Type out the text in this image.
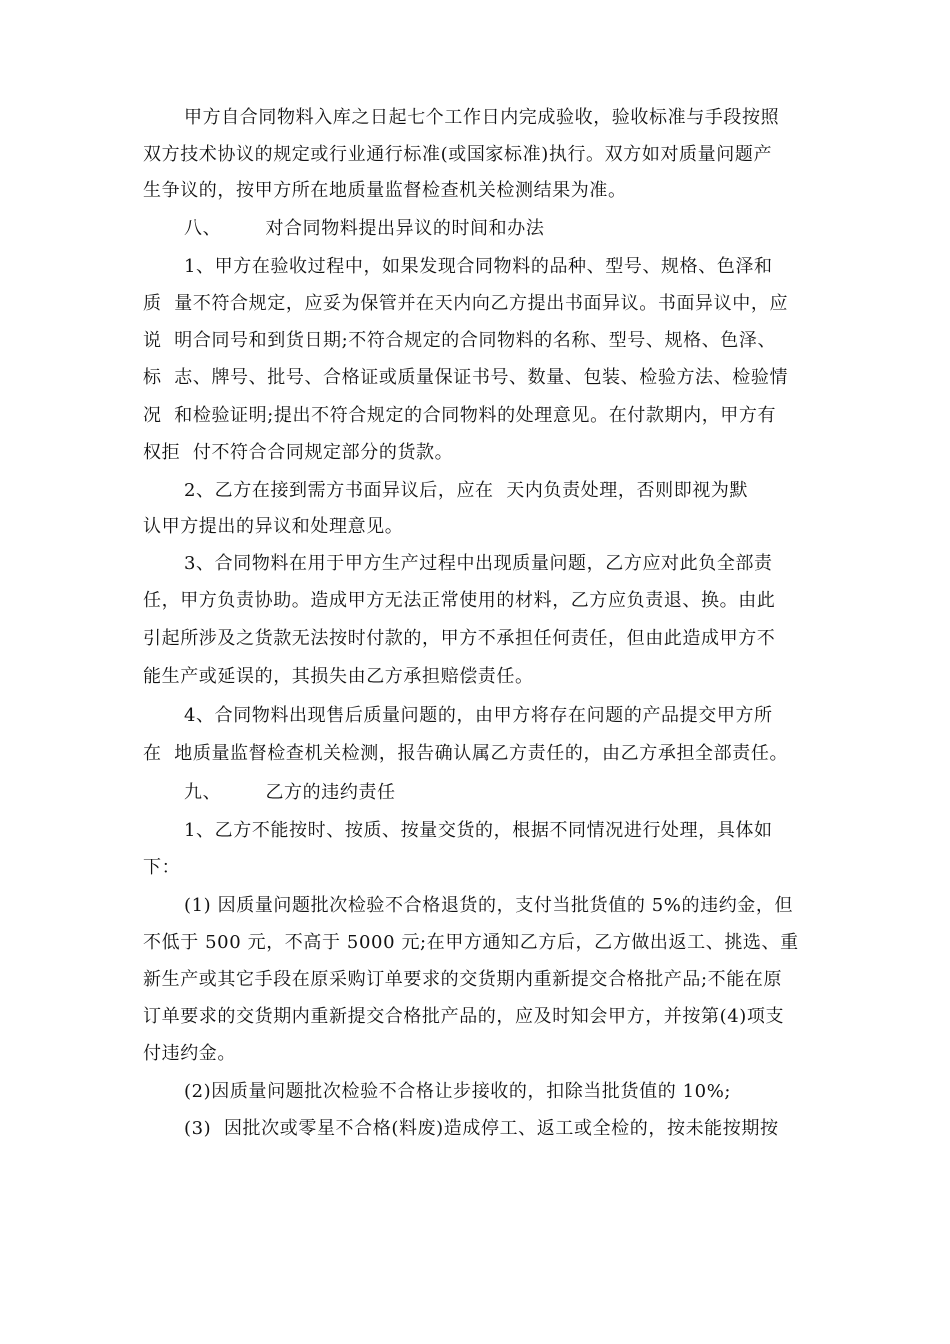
甲方自合同物料入库之日起七个工作日内完成验收，验收标准与手段按照
双方技术协议的规定或行业通行标准(或国家标准)执行。双方如对质量问题产
生争议的，按甲方所在地质量监督检查机关检测结果为准。
八、       对合同物料提出异议的时间和办法
1、甲方在验收过程中，如果发现合同物料的品种、型号、规格、色泽和
质  量不符合规定，应妥为保管并在天内向乙方提出书面异议。书面异议中，应
说  明合同号和到货日期;不符合规定的合同物料的名称、型号、规格、色泽、
标  志、牌号、批号、合格证或质量保证书号、数量、包装、检验方法、检验情
况  和检验证明;提出不符合规定的合同物料的处理意见。在付款期内，甲方有
权拒  付不符合合同规定部分的货款。
2、乙方在接到需方书面异议后，应在  天内负责处理，否则即视为默
认甲方提出的异议和处理意见。
3、合同物料在用于甲方生产过程中出现质量问题，乙方应对此负全部责
任，甲方负责协助。造成甲方无法正常使用的材料，乙方应负责退、换。由此
引起所涉及之货款无法按时付款的，甲方不承担任何责任，但由此造成甲方不
能生产或延误的，其损失由乙方承担赔偿责任。
4、合同物料出现售后质量问题的，由甲方将存在问题的产品提交甲方所
在  地质量监督检查机关检测，报告确认属乙方责任的，由乙方承担全部责任。
九、       乙方的违约责任
1、乙方不能按时、按质、按量交货的，根据不同情况进行处理，具体如
下：
(1) 因质量问题批次检验不合格退货的，支付当批货值的 5%的违约金，但
不低于 500 元，不高于 5000 元;在甲方通知乙方后，乙方做出返工、挑选、重
新生产或其它手段在原采购订单要求的交货期内重新提交合格批产品;不能在原
订单要求的交货期内重新提交合格批产品的，应及时知会甲方，并按第(4)项支
付违约金。
(2)因质量问题批次检验不合格让步接收的，扣除当批货值的 10%;
(3)  因批次或零星不合格(料废)造成停工、返工或全检的，按未能按期按
